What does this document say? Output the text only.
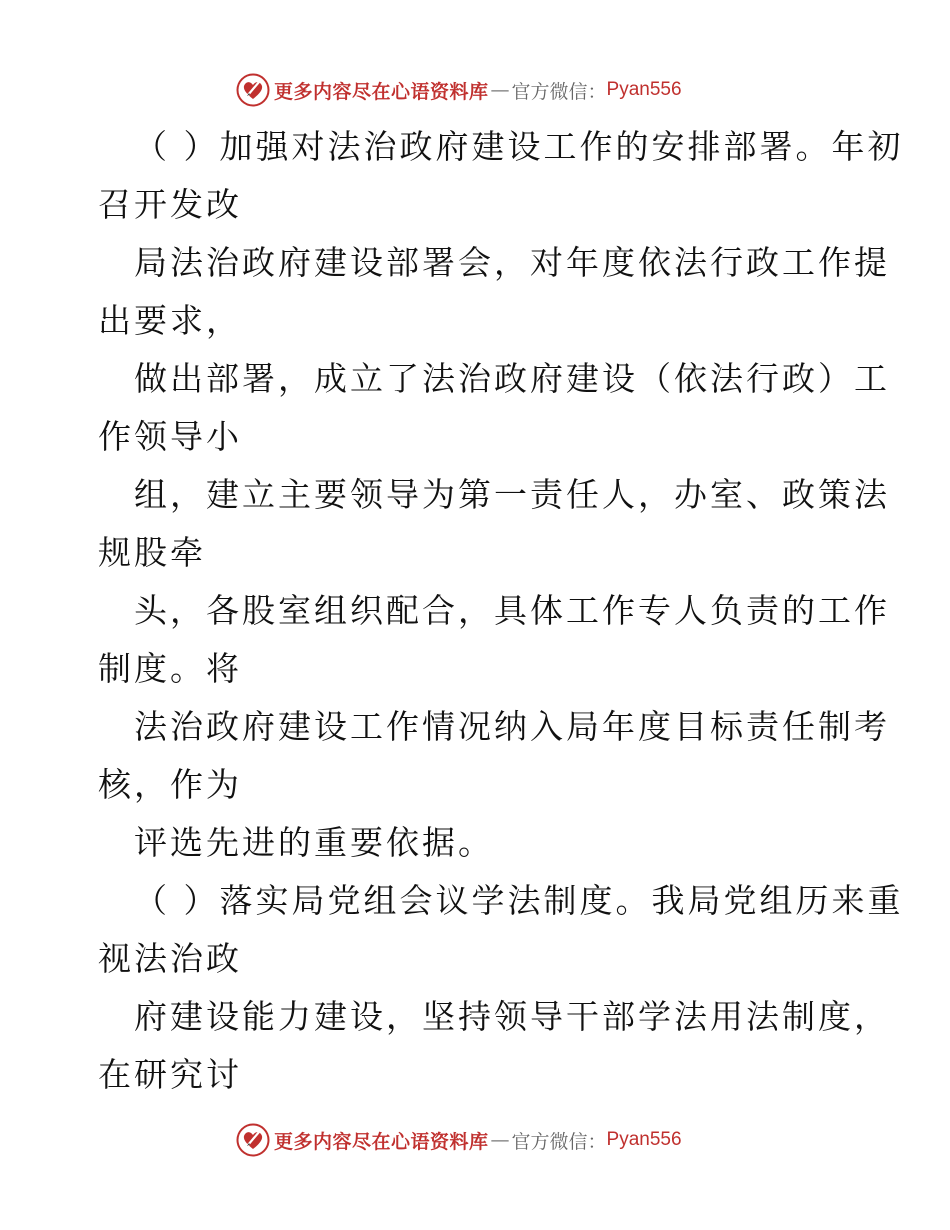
更多内容尽在心语资料库 — 官方微信： Pyan556
（ ）加强对法治政府建设工作的安排部署。年初
召开发改
局法治政府建设部署会，对年度依法行政工作提
出要求，
做出部署，成立了法治政府建设（依法行政）工
作领导小
组，建立主要领导为第一责任人，办室、政策法
规股牵
头，各股室组织配合，具体工作专人负责的工作
制度。将
法治政府建设工作情况纳入局年度目标责任制考
核，作为
评选先进的重要依据。
（ ）落实局党组会议学法制度。我局党组历来重
视法治政
府建设能力建设，坚持领导干部学法用法制度，
在研究讨
更多内容尽在心语资料库 — 官方微信： Pyan556
